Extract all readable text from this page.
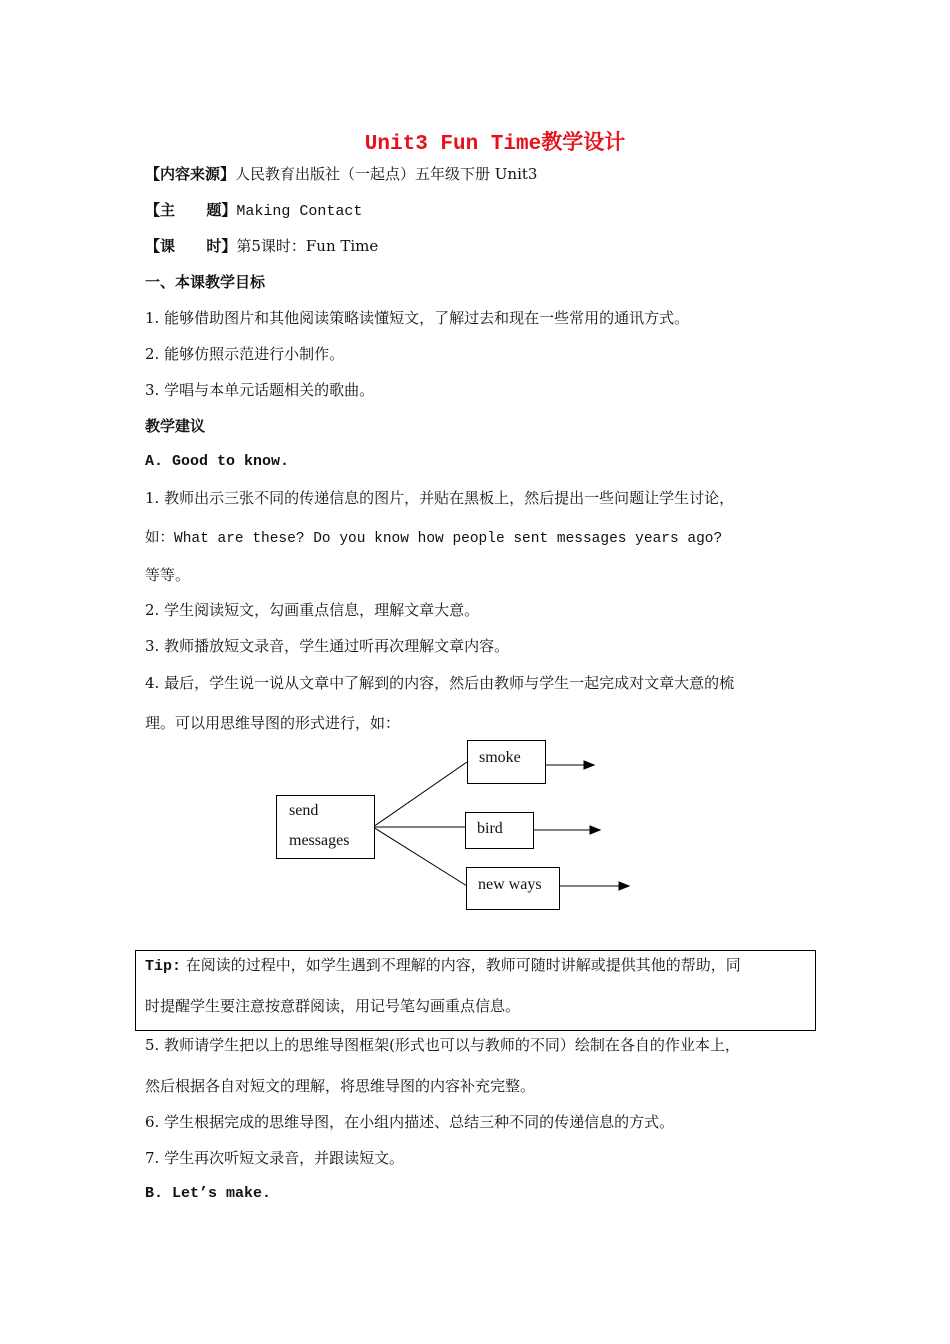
Unit3 Fun Time教学设计
【内容来源】人民教育出版社（一起点）五年级下册 Unit3
【主      题】Making Contact
【课      时】第5课时：Fun Time
一、本课教学目标
1. 能够借助图片和其他阅读策略读懂短文，了解过去和现在一些常用的通讯方式。
2. 能够仿照示范进行小制作。
3. 学唱与本单元话题相关的歌曲。
教学建议
A. Good to know.
1. 教师出示三张不同的传递信息的图片，并贴在黑板上，然后提出一些问题让学生讨论，
如：What are these? Do you know how people sent messages years ago?
等等。
2. 学生阅读短文，勾画重点信息，理解文章大意。
3. 教师播放短文录音，学生通过听再次理解文章内容。
4. 最后，学生说一说从文章中了解到的内容，然后由教师与学生一起完成对文章大意的梳
理。可以用思维导图的形式进行，如：
send
messages
smoke
bird
new ways
Tip: 在阅读的过程中，如学生遇到不理解的内容，教师可随时讲解或提供其他的帮助，同
时提醒学生要注意按意群阅读，用记号笔勾画重点信息。
5. 教师请学生把以上的思维导图框架(形式也可以与教师的不同）绘制在各自的作业本上，
然后根据各自对短文的理解，将思维导图的内容补充完整。
6. 学生根据完成的思维导图，在小组内描述、总结三种不同的传递信息的方式。
7. 学生再次听短文录音，并跟读短文。
B. Let’s make.
